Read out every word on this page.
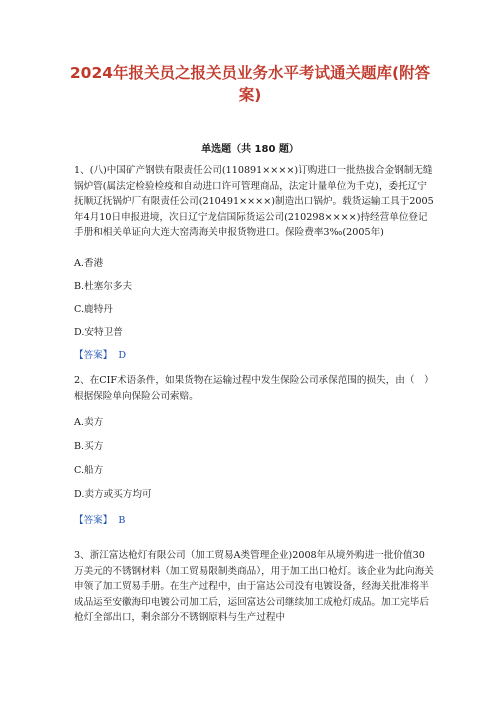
2024年报关员之报关员业务水平考试通关题库(附答案)
单选题（共 180 题）
1、(八)中国矿产钢铁有限责任公司(110891××××)订购进口一批热拔合金钢制无缝锅炉管(属法定检验检疫和自动进口许可管理商品，法定计量单位为千克)，委托辽宁抚顺辽抚锅炉厂有限责任公司(210491××××)制造出口锅炉。载货运输工具于2005年4月10日申报进境，次日辽宁龙信国际货运公司(210298××××)持经营单位登记手册和相关单证向大连大窑湾海关申报货物进口。保险费率3‰(2005年)
A.香港
B.杜塞尔多夫
C.鹿特丹
D.安特卫普
【答案】 D
2、在CIF术语条件，如果货物在运输过程中发生保险公司承保范围的损失，由（　）根据保险单向保险公司索赔。
A.卖方
B.买方
C.船方
D.卖方或买方均可
【答案】 B
3、浙江富达枪灯有限公司（加工贸易A类管理企业)2008年从境外购进一批价值30万美元的不锈钢材料（加工贸易限制类商品），用于加工出口枪灯。该企业为此向海关申领了加工贸易手册。在生产过程中，由于富达公司没有电镀设备，经海关批准将半成品运至安徽海印电镀公司加工后，运回富达公司继续加工成枪灯成品。加工完毕后枪灯全部出口，剩余部分不锈钢原料与生产过程中
